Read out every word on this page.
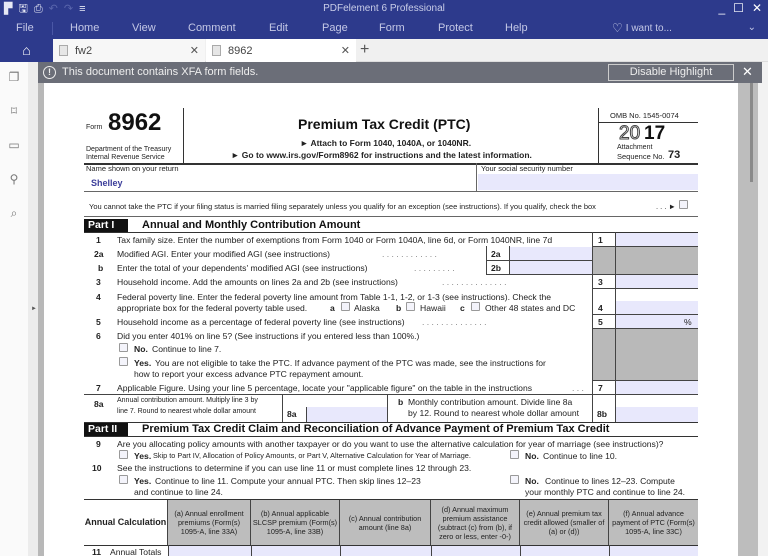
▛ 🖫 ⎙ ↶ ↷ ≡	PDFelement 6 Professional	_ ☐ ✕
File	Home	View	Comment	Edit	Page	Form	Protect	Help	♡ I want to...	⌄
⌂	fw2	✕	8962	✕ +
❐
⌑
▭
⚲
⌕
►
!	This document contains XFA form fields.	Disable Highlight	✕
Form 8962
Department of the Treasury
Internal Revenue Service
Premium Tax Credit (PTC)
► Attach to Form 1040, 1040A, or 1040NR.
► Go to www.irs.gov/Form8962 for instructions and the latest information.
OMB No. 1545-0074
20 17
Attachment
Sequence No. 73
Name shown on your return	Your social security number
Shelley
You cannot take the PTC if your filing status is married filing separately unless you qualify for an exception (see instructions). If you qualify, check the box	. . . ►
Part I	Annual and Monthly Contribution Amount
1 Tax family size. Enter the number of exemptions from Form 1040 or Form 1040A, line 6d, or Form 1040NR, line 7d	1
2a Modified AGI. Enter your modified AGI (see instructions)	. . . . . . . . . . . .	2a
b Enter the total of your dependents' modified AGI (see instructions)	. . . . . . . . .	2b
3 Household income. Add the amounts on lines 2a and 2b (see instructions)	. . . . . . . . . . . . . .	3
4 Federal poverty line. Enter the federal poverty line amount from Table 1-1, 1-2, or 1-3 (see instructions). Check the
appropriate box for the federal poverty table used.	a Alaska b Hawaii c Other 48 states and DC	4
5 Household income as a percentage of federal poverty line (see instructions) . . . . . . . . . . . . . .	5	%
6 Did you enter 401% on line 5? (See instructions if you entered less than 100%.)
No. Continue to line 7.
Yes. You are not eligible to take the PTC. If advance payment of the PTC was made, see the instructions for
how to report your excess advance PTC repayment amount.
7 Applicable Figure. Using your line 5 percentage, locate your "applicable figure" on the table in the instructions	. . . 7
8a Annual contribution amount. Multiply line 3 by
line 7. Round to nearest whole dollar amount	8a
b Monthly contribution amount. Divide line 8a
by 12. Round to nearest whole dollar amount 8b
Part II	Premium Tax Credit Claim and Reconciliation of Advance Payment of Premium Tax Credit
9 Are you allocating policy amounts with another taxpayer or do you want to use the alternative calculation for year of marriage (see instructions)?
Yes. Skip to Part IV, Allocation of Policy Amounts, or Part V, Alternative Calculation for Year of Marriage.	No. Continue to line 10.
10 See the instructions to determine if you can use line 11 or must complete lines 12 through 23.
Yes. Continue to line 11. Compute your annual PTC. Then skip lines 12–23
and continue to line 24.
No. Continue to lines 12–23. Compute
your monthly PTC and continue to line 24.
Annual Calculation
(a) Annual enrollment premiums (Form(s) 1095-A, line 33A)
(b) Annual applicable SLCSP premium (Form(s) 1095-A, line 33B)
(c) Annual contribution amount (line 8a)
(d) Annual maximum premium assistance (subtract (c) from (b), if zero or less, enter -0-)
(e) Annual premium tax credit allowed (smaller of (a) or (d))
(f) Annual advance payment of PTC (Form(s) 1095-A, line 33C)
11 Annual Totals
